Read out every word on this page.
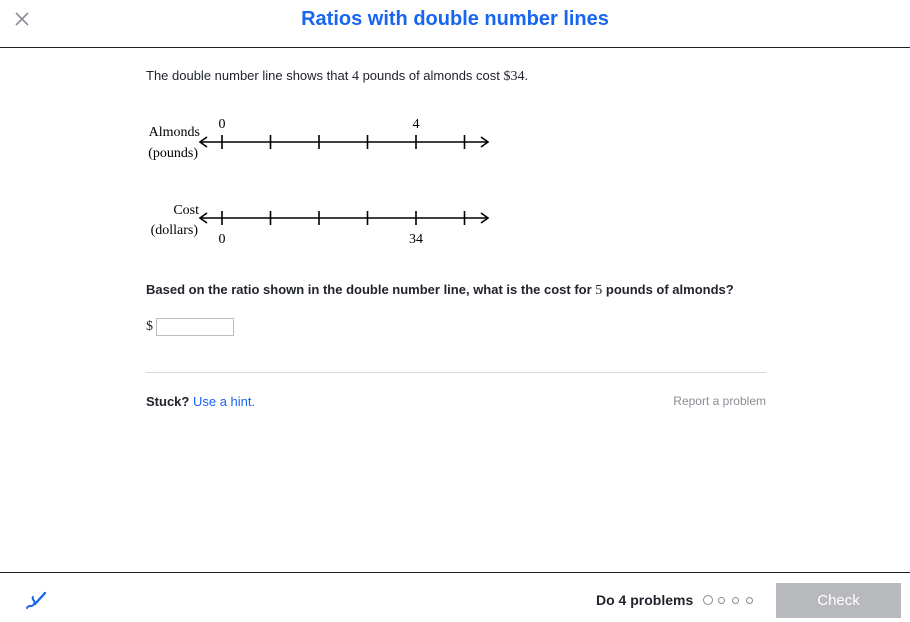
Ratios with double number lines
The double number line shows that 4 pounds of almonds cost $34.
Almonds
(pounds)
Cost
(dollars)
0	4
0	34
Based on the ratio shown in the double number line, what is the cost for 5 pounds of almonds?
$
Stuck? Use a hint.	Report a problem
Do 4 problems	Check
